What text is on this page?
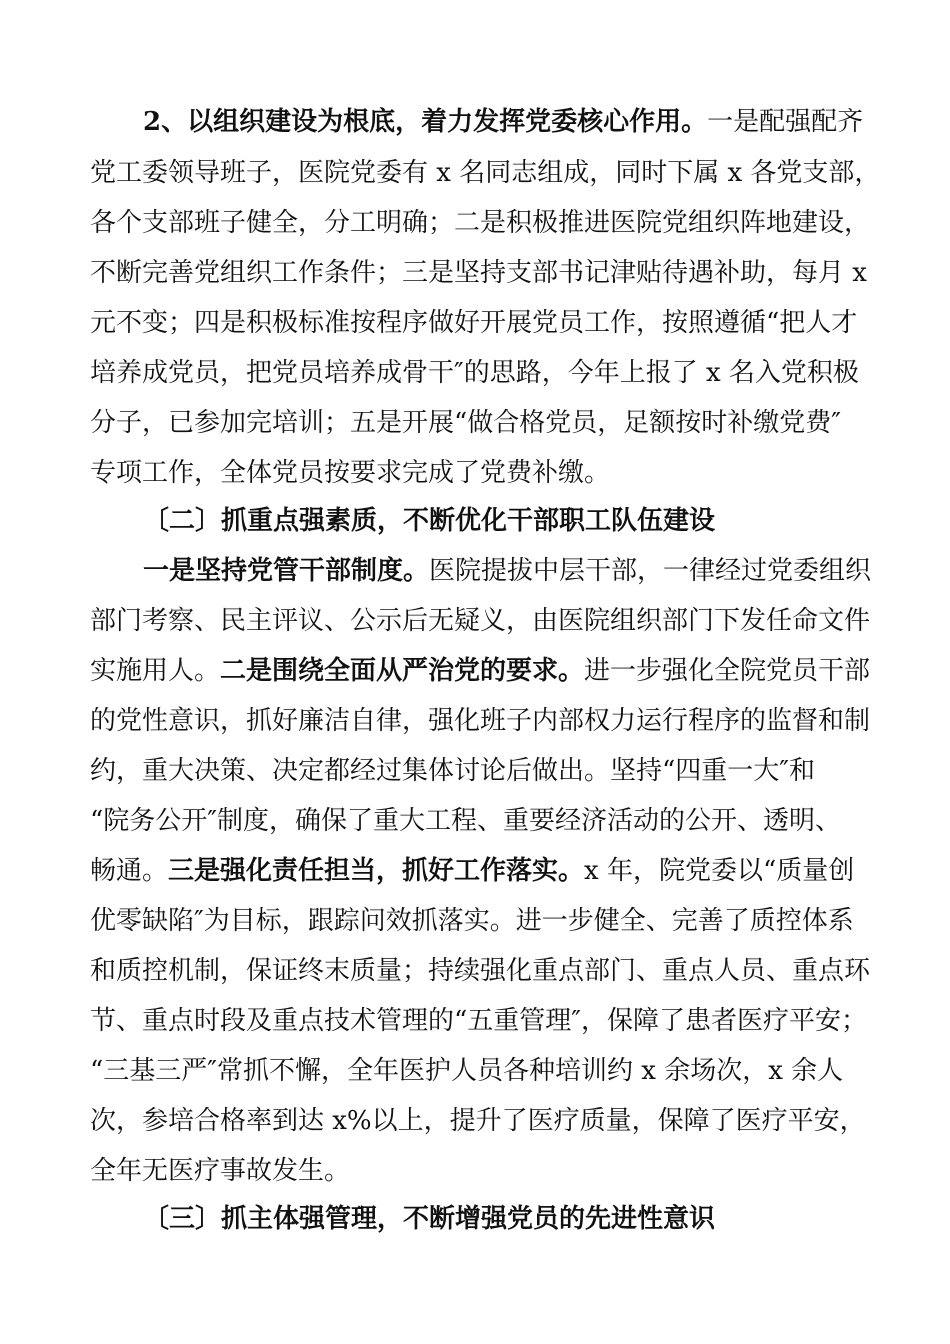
2、以组织建设为根底，着力发挥党委核心作用。一是配强配齐
党工委领导班子，医院党委有 x 名同志组成，同时下属 x 各党支部，
各个支部班子健全，分工明确；二是积极推进医院党组织阵地建设，
不断完善党组织工作条件；三是坚持支部书记津贴待遇补助，每月 x
元不变；四是积极标准按程序做好开展党员工作，按照遵循“把人才
培养成党员，把党员培养成骨干″的思路，今年上报了 x 名入党积极
分子，已参加完培训；五是开展“做合格党员，足额按时补缴党费″
专项工作，全体党员按要求完成了党费补缴。
〔二〕抓重点强素质，不断优化干部职工队伍建设
一是坚持党管干部制度。医院提拔中层干部，一律经过党委组织
部门考察、民主评议、公示后无疑义，由医院组织部门下发任命文件
实施用人。二是围绕全面从严治党的要求。进一步强化全院党员干部
的党性意识，抓好廉洁自律，强化班子内部权力运行程序的监督和制
约，重大决策、决定都经过集体讨论后做出。坚持“四重一大″和
“院务公开″制度，确保了重大工程、重要经济活动的公开、透明、
畅通。三是强化责任担当，抓好工作落实。x 年，院党委以“质量创
优零缺陷″为目标，跟踪问效抓落实。进一步健全、完善了质控体系
和质控机制，保证终末质量；持续强化重点部门、重点人员、重点环
节、重点时段及重点技术管理的“五重管理″，保障了患者医疗平安；
“三基三严″常抓不懈，全年医护人员各种培训约 x 余场次，x 余人
次，参培合格率到达 x%以上，提升了医疗质量，保障了医疗平安，
全年无医疗事故发生。
〔三〕抓主体强管理，不断增强党员的先进性意识
